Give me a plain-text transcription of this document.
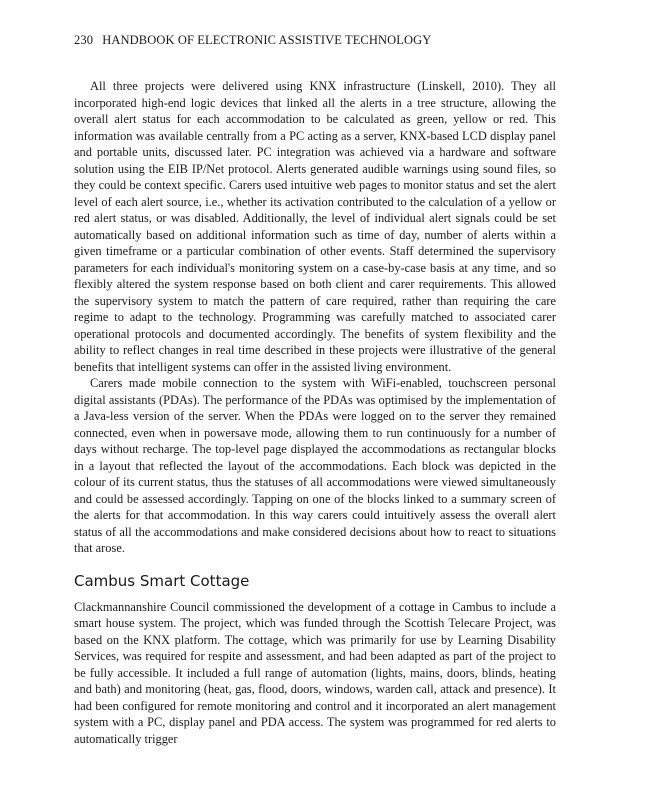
230 HANDBOOK OF ELECTRONIC ASSISTIVE TECHNOLOGY

All three projects were delivered using KNX infrastructure (Linskell, 2010). They all incorporated high-end logic devices that linked all the alerts in a tree structure, allowing the overall alert status for each accommodation to be calculated as green, yellow or red. This information was available centrally from a PC acting as a server, KNX-based LCD display panel and portable units, discussed later. PC integration was achieved via a hardware and software solution using the EIB IP/Net protocol. Alerts generated audible warnings using sound files, so they could be context specific. Carers used intuitive web pages to monitor status and set the alert level of each alert source, i.e., whether its activation contributed to the calculation of a yellow or red alert status, or was disabled. Additionally, the level of individual alert signals could be set automatically based on additional information such as time of day, number of alerts within a given timeframe or a particular combination of other events. Staff determined the supervisory parameters for each individual's monitoring system on a case-by-case basis at any time, and so flexibly altered the system response based on both client and carer requirements. This allowed the supervisory system to match the pattern of care required, rather than requiring the care regime to adapt to the technology. Programming was carefully matched to associated carer operational protocols and documented accordingly. The benefits of system flexibility and the ability to reflect changes in real time described in these projects were illustrative of the general benefits that intelligent systems can offer in the assisted living environment.

Carers made mobile connection to the system with WiFi-enabled, touchscreen personal digital assistants (PDAs). The performance of the PDAs was optimised by the implementation of a Java-less version of the server. When the PDAs were logged on to the server they remained connected, even when in powersave mode, allowing them to run continuously for a number of days without recharge. The top-level page displayed the accommodations as rectangular blocks in a layout that reflected the layout of the accommodations. Each block was depicted in the colour of its current status, thus the statuses of all accommodations were viewed simultaneously and could be assessed accordingly. Tapping on one of the blocks linked to a summary screen of the alerts for that accommodation. In this way carers could intuitively assess the overall alert status of all the accommodations and make considered decisions about how to react to situations that arose.

Cambus Smart Cottage

Clackmannanshire Council commissioned the development of a cottage in Cambus to include a smart house system. The project, which was funded through the Scottish Telecare Project, was based on the KNX platform. The cottage, which was primarily for use by Learning Disability Services, was required for respite and assessment, and had been adapted as part of the project to be fully accessible. It included a full range of automation (lights, mains, doors, blinds, heating and bath) and monitoring (heat, gas, flood, doors, windows, warden call, attack and presence). It had been configured for remote monitoring and control and it incorporated an alert management system with a PC, display panel and PDA access. The system was programmed for red alerts to automatically trigger
